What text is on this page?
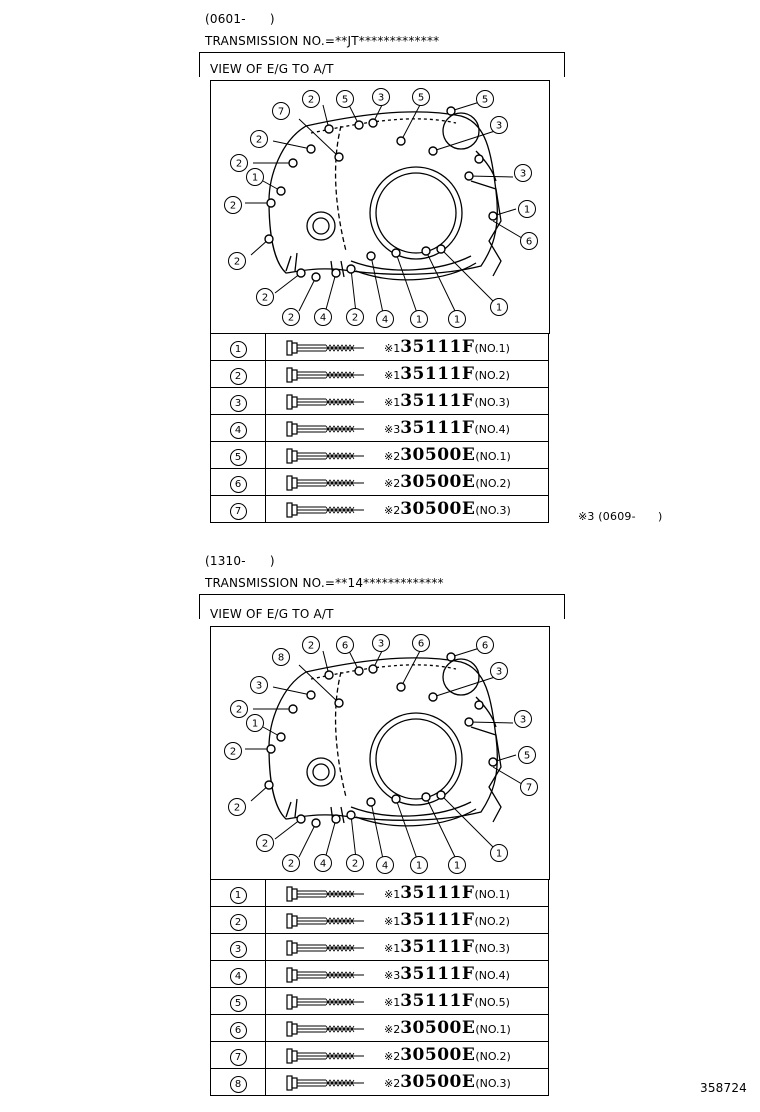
(0601-      )
TRANSMISSION NO.=**JT*************
VIEW OF E/G TO A/T
7
2
2
5	3	5
2
3
2
5
3
2
1
6
2
2	4	2 4	1	1
1
1
1	※135111F(NO.1)

2	※135111F(NO.2)

3	※135111F(NO.3)

4	※335111F(NO.4)

5	※230500E(NO.1)

6	※230500E(NO.2)

7	※230500E(NO.3)	※3 (0609-      )
(1310-      )
TRANSMISSION NO.=**14*************
VIEW OF E/G TO A/T
8
2
3
6	3	6
2
3
2
6
3
2
5
7
2
2	4	2 4	1	1
1
1
1	※135111F(NO.1)

2	※135111F(NO.2)

3	※135111F(NO.3)

4	※335111F(NO.4)

5	※135111F(NO.5)

6	※230500E(NO.1)

7	※230500E(NO.2)

8	※230500E(NO.3)	358724
